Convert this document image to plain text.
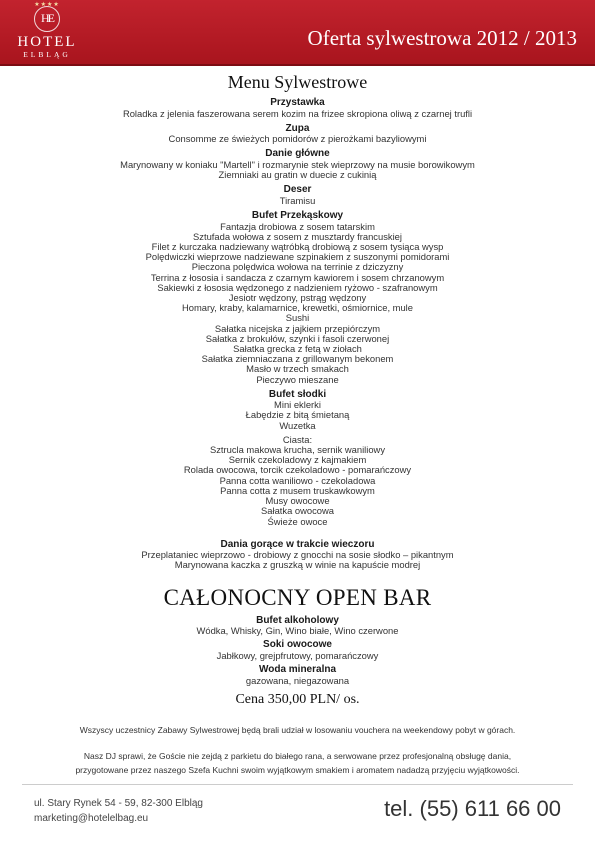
★★★★
HE
HOTEL
ELBLĄG
Oferta sylwestrowa 2012 / 2013
Menu Sylwestrowe
Przystawka
Roladka z jelenia faszerowana serem kozim na frizee skropiona oliwą z czarnej trufli
Zupa
Consomme ze świeżych pomidorów z pierożkami bazyliowymi
Danie główne
Marynowany w koniaku "Martell" i rozmarynie stek wieprzowy na musie borowikowym
Ziemniaki au gratin w duecie z cukinią
Deser
Tiramisu
Bufet Przekąskowy
Fantazja drobiowa z sosem tatarskim
Sztufada wołowa z sosem z musztardy francuskiej
Filet z kurczaka nadziewany wątróbką drobiową z sosem tysiąca wysp
Polędwiczki wieprzowe nadziewane szpinakiem z suszonymi pomidorami
Pieczona polędwica wołowa na terrinie z dziczyzny
Terrina z łososia i sandacza z czarnym kawiorem i sosem chrzanowym
Sakiewki z łososia wędzonego z nadzieniem ryżowo - szafranowym
Jesiotr wędzony, pstrąg wędzony
Homary, kraby, kalamarnice, krewetki, ośmiornice, mule
Sushi
Sałatka nicejska z jajkiem przepiórczym
Sałatka z brokułów, szynki i fasoli czerwonej
Sałatka grecka z fetą w ziołach
Sałatka ziemniaczana z grillowanym bekonem
Masło w trzech smakach
Pieczywo mieszane
Bufet słodki
Mini eklerki
Łabędzie z bitą śmietaną
Wuzetka
Ciasta:
Sztrucla makowa krucha, sernik waniliowy
Sernik czekoladowy z kajmakiem
Rolada owocowa, torcik czekoladowo - pomarańczowy
Panna cotta waniliowo - czekoladowa
Panna cotta z musem truskawkowym
Musy owocowe
Sałatka owocowa
Świeże owoce
Dania gorące w trakcie wieczoru
Przeplataniec wieprzowo - drobiowy z gnocchi na sosie słodko – pikantnym
Marynowana kaczka z gruszką w winie na kapuście modrej
CAŁONOCNY OPEN BAR
Bufet alkoholowy
Wódka, Whisky, Gin, Wino białe, Wino czerwone
Soki owocowe
Jabłkowy, grejpfrutowy, pomarańczowy
Woda mineralna
gazowana, niegazowana
Cena 350,00 PLN/ os.
Wszyscy uczestnicy Zabawy Sylwestrowej będą brali udział w losowaniu vouchera na weekendowy pobyt w górach.
Nasz DJ sprawi, że Goście nie zejdą z parkietu do białego rana, a serwowane przez profesjonalną obsługę dania,
przygotowane przez naszego Szefa Kuchni swoim wyjątkowym smakiem i aromatem nadadzą przyjęciu wyjątkowości.
ul. Stary Rynek 54 - 59, 82-300 Elbląg
marketing@hotelelbag.eu	tel. (55) 611 66 00
